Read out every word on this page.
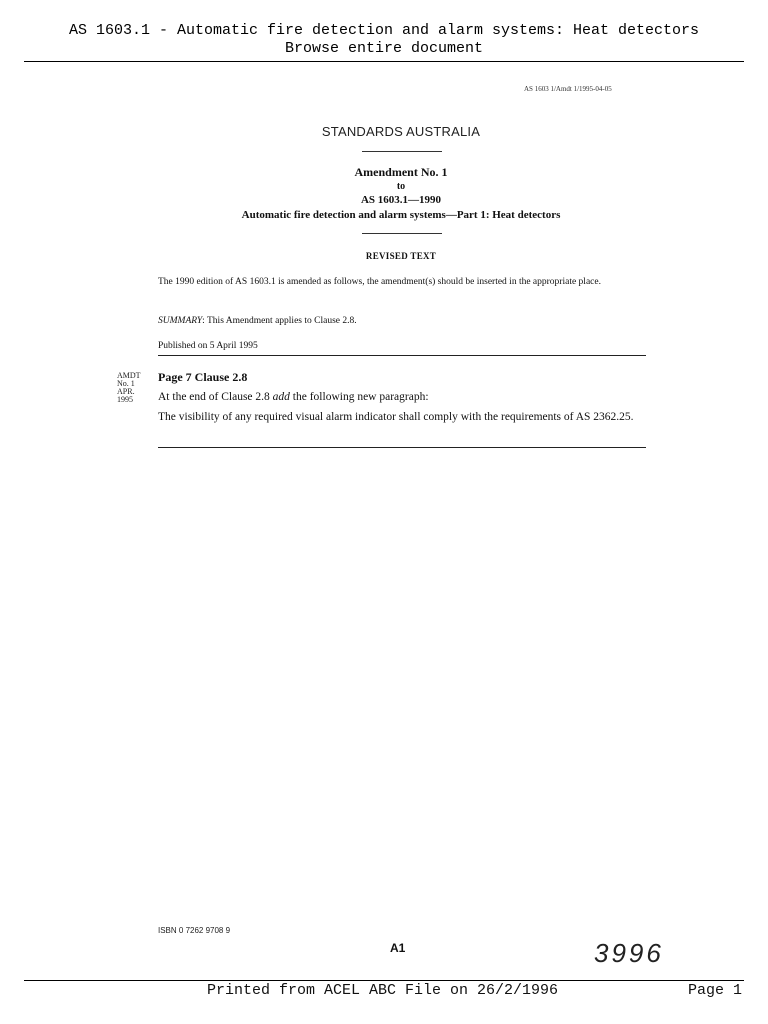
AS 1603.1 - Automatic fire detection and alarm systems: Heat detectors
Browse entire document
AS 1603 1/Amdt 1/1995-04-05
STANDARDS AUSTRALIA
Amendment No. 1
to
AS 1603.1—1990
Automatic fire detection and alarm systems—Part 1: Heat detectors
REVISED TEXT
The 1990 edition of AS 1603.1 is amended as follows, the amendment(s) should be inserted in the appropriate place.
SUMMARY: This Amendment applies to Clause 2.8.
Published on 5 April 1995
AMDT
No. 1
APR.
1995
Page 7 Clause 2.8
At the end of Clause 2.8 add the following new paragraph:
The visibility of any required visual alarm indicator shall comply with the requirements of AS 2362.25.
ISBN 0 7262 9708 9
A1	3996
Printed from ACEL ABC File on 26/2/1996	Page 1
